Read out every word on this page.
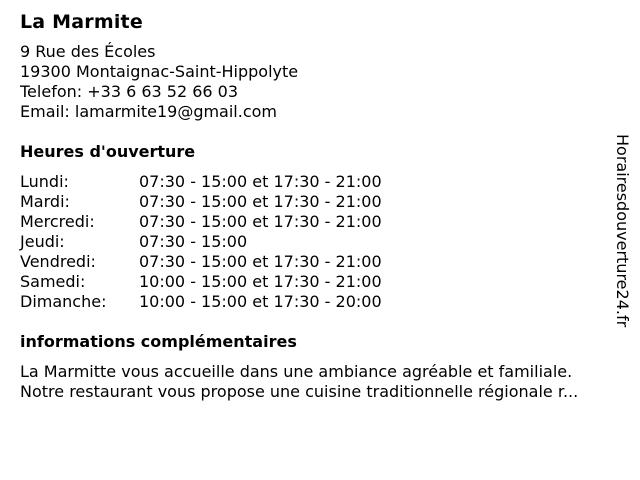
La Marmite

9 Rue des Écoles

19300 Montaignac-Saint-Hippolyte

Telefon: +33 6 63 52 66 03

Email: lamarmite19@gmail.com

Heures d'ouverture
Lundi:	07:30 - 15:00 et 17:30 - 21:00
Mardi:	07:30 - 15:00 et 17:30 - 21:00
Mercredi:	07:30 - 15:00 et 17:30 - 21:00
Jeudi:	07:30 - 15:00
Vendredi:	07:30 - 15:00 et 17:30 - 21:00
Samedi:	10:00 - 15:00 et 17:30 - 21:00
Dimanche:	10:00 - 15:00 et 17:30 - 20:00
informations complémentaires

La Marmitte vous accueille dans une ambiance agréable et familiale.

Notre restaurant vous propose une cuisine traditionnelle régionale r...

Horairesdouverture24.fr
